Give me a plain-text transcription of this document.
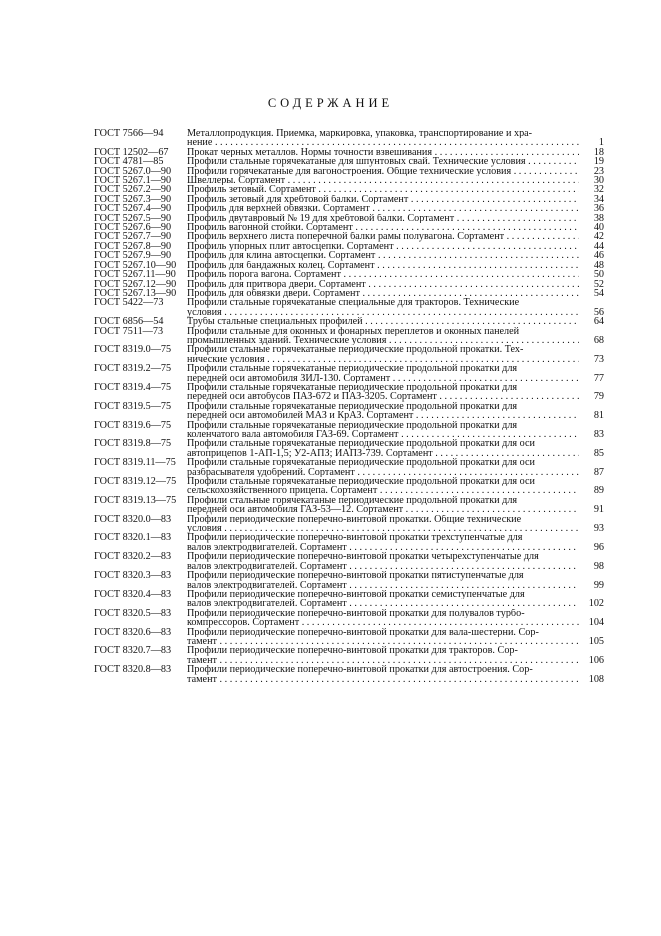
СОДЕРЖАНИЕ
ГОСТ 7566—94	Металлопродукция. Приемка, маркировка, упаковка, транспортирование и хра-
нение . . .	1
ГОСТ 12502—67	Прокат черных металлов. Нормы точности взвешивания . . .	18
ГОСТ 4781—85	Профили стальные горячекатаные для шпунтовых свай. Технические условия . . .	19
ГОСТ 5267.0—90	Профили горячекатаные для вагоностроения. Общие технические условия . . .	23
ГОСТ 5267.1—90	Швеллеры. Сортамент . . .	30
ГОСТ 5267.2—90	Профиль зетовый. Сортамент . . .	32
ГОСТ 5267.3—90	Профиль зетовый для хребтовой балки. Сортамент . . .	34
ГОСТ 5267.4—90	Профиль для верхней обвязки. Сортамент . . .	36
ГОСТ 5267.5—90	Профиль двутавровый № 19 для хребтовой балки. Сортамент . . .	38
ГОСТ 5267.6—90	Профиль вагонной стойки. Сортамент . . .	40
ГОСТ 5267.7—90	Профиль верхнего листа поперечной балки рамы полувагона. Сортамент . . .	42
ГОСТ 5267.8—90	Профиль упорных плит автосцепки. Сортамент . . .	44
ГОСТ 5267.9—90	Профиль для клина автосцепки. Сортамент . . .	46
ГОСТ 5267.10—90	Профиль для бандажных колец. Сортамент . . .	48
ГОСТ 5267.11—90	Профиль порога вагона. Сортамент . . .	50
ГОСТ 5267.12—90	Профиль для притвора двери. Сортамент . . .	52
ГОСТ 5267.13—90	Профиль для обвязки двери. Сортамент . . .	54
ГОСТ 5422—73	Профили стальные горячекатаные специальные для тракторов. Технические
условия . . .	56
ГОСТ 6856—54	Трубы стальные специальных профилей . . .	64
ГОСТ 7511—73	Профили стальные для оконных и фонарных переплетов и оконных панелей
промышленных зданий. Технические условия . . .	68
ГОСТ 8319.0—75	Профили стальные горячекатаные периодические продольной прокатки. Тех-
нические условия . . .	73
ГОСТ 8319.2—75	Профили стальные горячекатаные периодические продольной прокатки для
передней оси автомобиля ЗИЛ-130. Сортамент . . .	77
ГОСТ 8319.4—75	Профили стальные горячекатаные периодические продольной прокатки для
передней оси автобусов ПАЗ-672 и ПАЗ-3205. Сортамент . . .	79
ГОСТ 8319.5—75	Профили стальные горячекатаные периодические продольной прокатки для
передней оси автомобилей МАЗ и КрАЗ. Сортамент . . .	81
ГОСТ 8319.6—75	Профили стальные горячекатаные периодические продольной прокатки для
коленчатого вала автомобиля ГАЗ-69. Сортамент . . .	83
ГОСТ 8319.8—75	Профили стальные горячекатаные периодические продольной прокатки для оси
автоприцепов 1-АП-1,5; У2-АПЗ; ИАПЗ-739. Сортамент . . .	85
ГОСТ 8319.11—75	Профили стальные горячекатаные периодические продольной прокатки для оси
разбрасывателя удобрений. Сортамент . . .	87
ГОСТ 8319.12—75	Профили стальные горячекатаные периодические продольной прокатки для оси
сельскохозяйственного прицепа. Сортамент . . .	89
ГОСТ 8319.13—75	Профили стальные горячекатаные периодические продольной прокатки для
передней оси автомобиля ГАЗ-53—12. Сортамент . . .	91
ГОСТ 8320.0—83	Профили периодические поперечно-винтовой прокатки. Общие технические
условия . . .	93
ГОСТ 8320.1—83	Профили периодические поперечно-винтовой прокатки трехступенчатые для
валов электродвигателей. Сортамент . . .	96
ГОСТ 8320.2—83	Профили периодические поперечно-винтовой прокатки четырехступенчатые для
валов электродвигателей. Сортамент . . .	98
ГОСТ 8320.3—83	Профили периодические поперечно-винтовой прокатки пятиступенчатые для
валов электродвигателей. Сортамент . . .	99
ГОСТ 8320.4—83	Профили периодические поперечно-винтовой прокатки семиступенчатые для
валов электродвигателей. Сортамент . . .	102
ГОСТ 8320.5—83	Профили периодические поперечно-винтовой прокатки для полувалов турбо-
компрессоров. Сортамент . . .	104
ГОСТ 8320.6—83	Профили периодические поперечно-винтовой прокатки для вала-шестерни. Сор-
тамент . . .	105
ГОСТ 8320.7—83	Профили периодические поперечно-винтовой прокатки для тракторов. Сор-
тамент . . .	106
ГОСТ 8320.8—83	Профили периодические поперечно-винтовой прокатки для автостроения. Сор-
тамент . . .	108
